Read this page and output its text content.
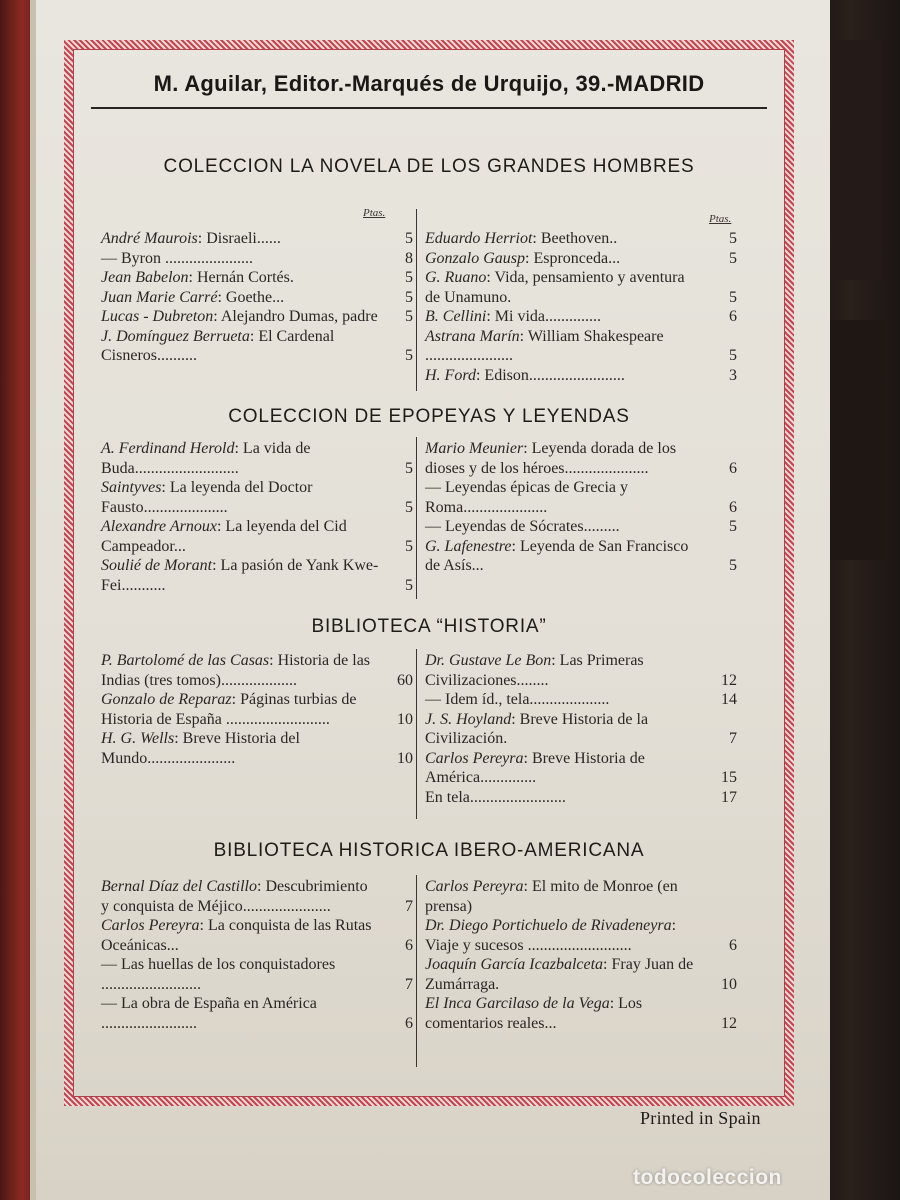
M. Aguilar, Editor.-Marqués de Urquijo, 39.-MADRID
COLECCION LA NOVELA DE LOS GRANDES HOMBRES
Ptas.	Ptas.
André Maurois: Disraeli......	5
— Byron ......................	8
Jean Babelon: Hernán Cortés.	5
Juan Marie Carré: Goethe...	5
Lucas - Dubreton: Alejandro Dumas, padre	5
J. Domínguez Berrueta: El Cardenal Cisneros..........	5
Eduardo Herriot: Beethoven..	5
Gonzalo Gausp: Espronceda...	5
G. Ruano: Vida, pensamiento y aventura de Unamuno.	5
B. Cellini: Mi vida..............	6
Astrana Marín: William Shakespeare ......................	5
H. Ford: Edison........................	3
COLECCION DE EPOPEYAS Y LEYENDAS
A. Ferdinand Herold: La vida de Buda..........................	5
Saintyves: La leyenda del Doctor Fausto.....................	5
Alexandre Arnoux: La leyenda del Cid Campeador...	5
Soulié de Morant: La pasión de Yank Kwe-Fei...........	5
Mario Meunier: Leyenda dorada de los dioses y de los héroes.....................	6
— Leyendas épicas de Grecia y Roma.....................	6
— Leyendas de Sócrates.........	5
G. Lafenestre: Leyenda de San Francisco de Asís...	5
BIBLIOTECA “HISTORIA”
P. Bartolomé de las Casas: Historia de las Indias (tres tomos)...................	60
Gonzalo de Reparaz: Páginas turbias de Historia de España ..........................	10
H. G. Wells: Breve Historia del Mundo......................	10
Dr. Gustave Le Bon: Las Primeras Civilizaciones........	12
— Idem íd., tela....................	14
J. S. Hoyland: Breve Historia de la Civilización.	7
Carlos Pereyra: Breve Historia de América..............	15
En tela........................	17
BIBLIOTECA HISTORICA IBERO-AMERICANA
Bernal Díaz del Castillo: Descubrimiento y conquista de Méjico......................	7
Carlos Pereyra: La conquista de las Rutas Oceánicas...	6
— Las huellas de los conquistadores .........................	7
— La obra de España en América ........................	6
Carlos Pereyra: El mito de Monroe (en prensa)
Dr. Diego Portichuelo de Rivadeneyra: Viaje y sucesos ..........................	6
Joaquín García Icazbalceta: Fray Juan de Zumárraga.	10
El Inca Garcilaso de la Vega: Los comentarios reales...	12
Printed in Spain
todocoleccion
